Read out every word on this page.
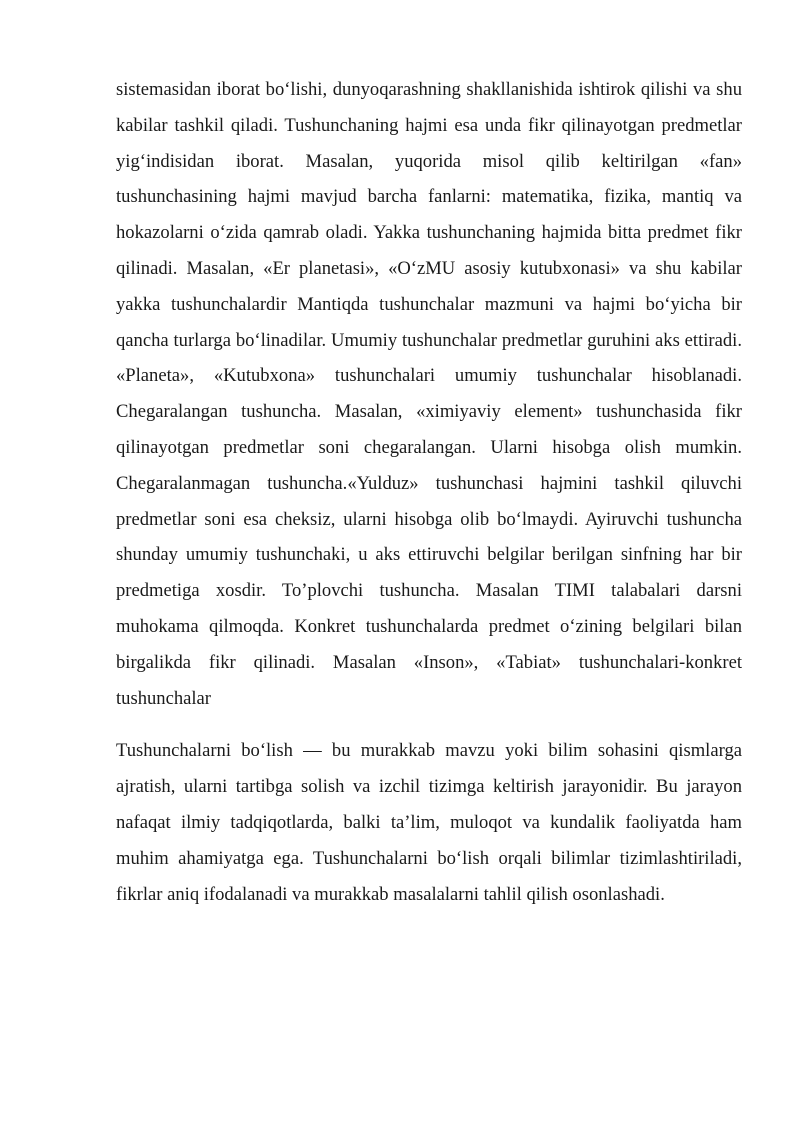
sistemasidan iborat bo‘lishi, dunyoqarashning shakllanishida ishtirok qilishi va shu kabilar tashkil qiladi. Tushunchaning hajmi esa unda fikr qilinayotgan predmetlar yig‘indisidan iborat. Masalan, yuqorida misol qilib keltirilgan «fan» tushunchasining hajmi mavjud barcha fanlarni: matematika, fizika, mantiq va hokazolarni o‘zida qamrab oladi. Yakka tushunchaning hajmida bitta predmet fikr qilinadi. Masalan, «Er planetasi», «O‘zMU asosiy kutubxonasi» va shu kabilar yakka tushunchalardir Mantiqda tushunchalar mazmuni va hajmi bo‘yicha bir qancha turlarga bo‘linadilar. Umumiy tushunchalar predmetlar guruhini aks ettiradi. «Planeta», «Kutubxona» tushunchalari umumiy tushunchalar hisoblanadi. Chegaralangan tushuncha. Masalan, «ximiyaviy element» tushunchasida fikr qilinayotgan predmetlar soni chegaralangan. Ularni hisobga olish mumkin. Chegaralanmagan tushuncha.«Yulduz» tushunchasi hajmini tashkil qiluvchi predmetlar soni esa cheksiz, ularni hisobga olib bo‘lmaydi. Ayiruvchi tushuncha shunday umumiy tushunchaki, u aks ettiruvchi belgilar berilgan sinfning har bir predmetiga xosdir. To’plovchi tushuncha. Masalan TIMI talabalari darsni muhokama qilmoqda. Konkret tushunchalarda predmet o‘zining belgilari bilan birgalikda fikr qilinadi. Masalan «Inson», «Tabiat» tushunchalari-konkret tushunchalar

Tushunchalarni bo‘lish — bu murakkab mavzu yoki bilim sohasini qismlarga ajratish, ularni tartibga solish va izchil tizimga keltirish jarayonidir. Bu jarayon nafaqat ilmiy tadqiqotlarda, balki ta’lim, muloqot va kundalik faoliyatda ham muhim ahamiyatga ega. Tushunchalarni bo‘lish orqali bilimlar tizimlashtiriladi, fikrlar aniq ifodalanadi va murakkab masalalarni tahlil qilish osonlashadi.
